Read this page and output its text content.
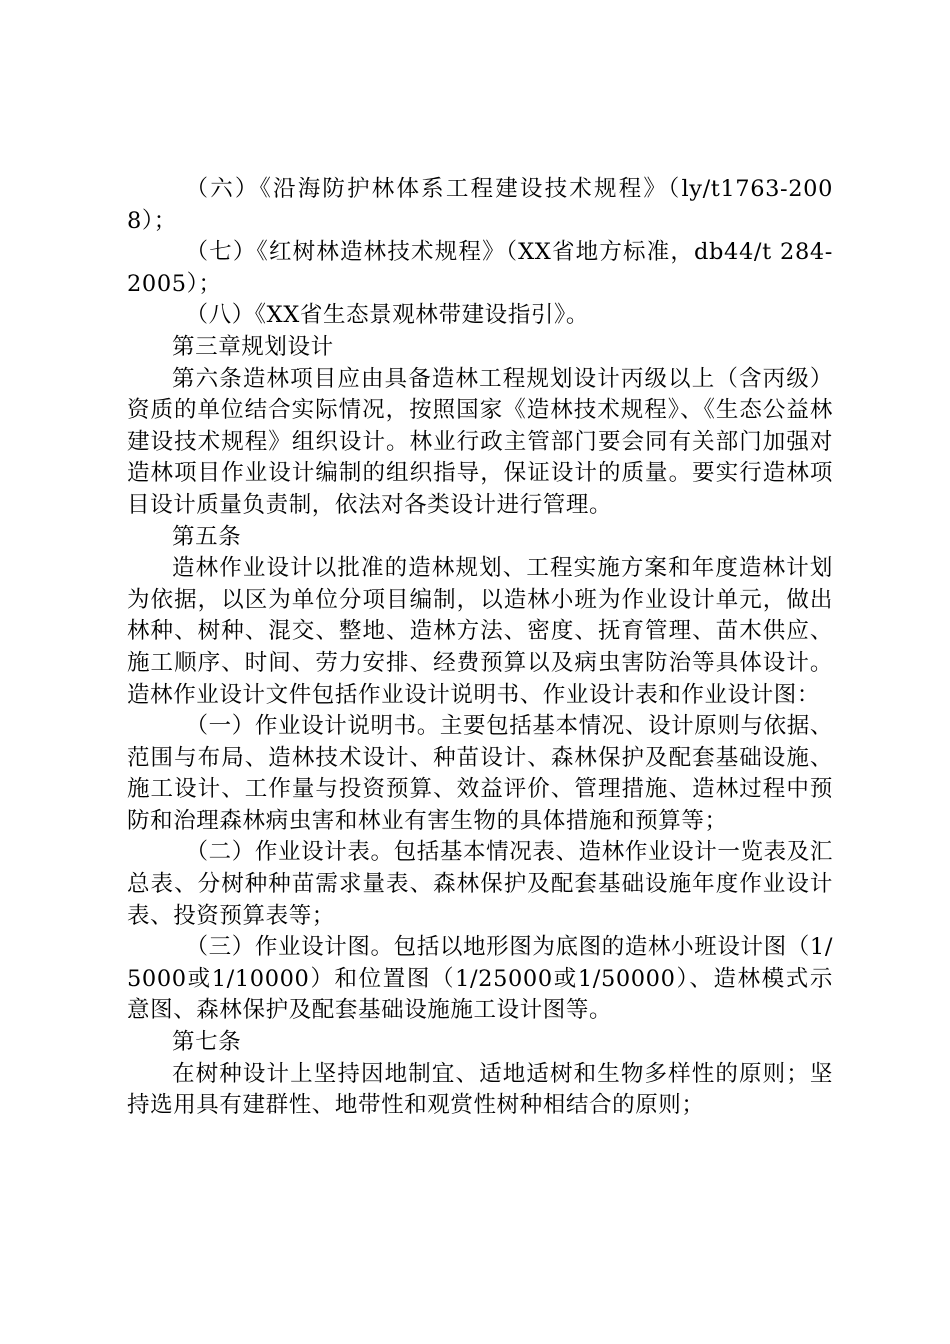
（六）《沿海防护林体系工程建设技术规程》（ly/t1763-2008）；

（七）《红树林造林技术规程》（XX省地方标准，db44/t 284-2005）；

（八）《XX省生态景观林带建设指引》。

第三章规划设计

第六条造林项目应由具备造林工程规划设计丙级以上（含丙级）资质的单位结合实际情况，按照国家《造林技术规程》、《生态公益林建设技术规程》组织设计。林业行政主管部门要会同有关部门加强对造林项目作业设计编制的组织指导，保证设计的质量。要实行造林项目设计质量负责制，依法对各类设计进行管理。

第五条

造林作业设计以批准的造林规划、工程实施方案和年度造林计划为依据，以区为单位分项目编制，以造林小班为作业设计单元，做出林种、树种、混交、整地、造林方法、密度、抚育管理、苗木供应、施工顺序、时间、劳力安排、经费预算以及病虫害防治等具体设计。造林作业设计文件包括作业设计说明书、作业设计表和作业设计图：

（一）作业设计说明书。主要包括基本情况、设计原则与依据、范围与布局、造林技术设计、种苗设计、森林保护及配套基础设施、施工设计、工作量与投资预算、效益评价、管理措施、造林过程中预防和治理森林病虫害和林业有害生物的具体措施和预算等；

（二）作业设计表。包括基本情况表、造林作业设计一览表及汇总表、分树种种苗需求量表、森林保护及配套基础设施年度作业设计表、投资预算表等；

（三）作业设计图。包括以地形图为底图的造林小班设计图（1/5000或1/10000）和位置图（1/25000或1/50000）、造林模式示意图、森林保护及配套基础设施施工设计图等。

第七条

在树种设计上坚持因地制宜、适地适树和生物多样性的原则；坚持选用具有建群性、地带性和观赏性树种相结合的原则；
